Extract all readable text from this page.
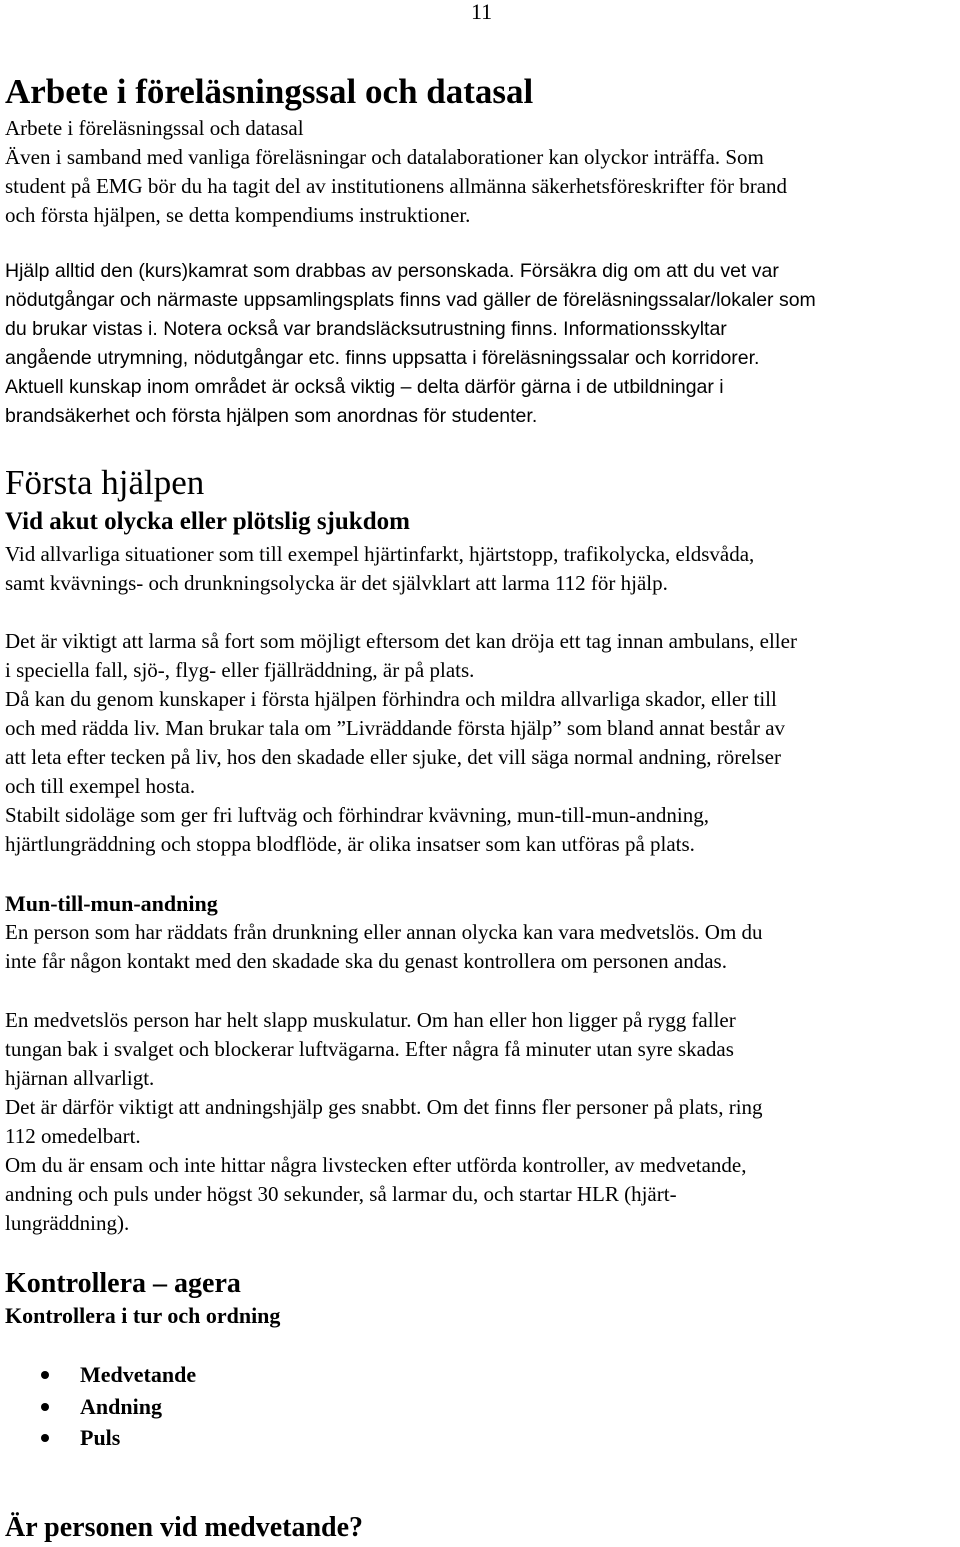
11
Arbete i föreläsningssal och datasal
Arbete i föreläsningssal och datasal
Även i samband med vanliga föreläsningar och datalaborationer kan olyckor inträffa. Som
student på EMG bör du ha tagit del av institutionens allmänna säkerhetsföreskrifter för brand
och första hjälpen, se detta kompendiums instruktioner.
Hjälp alltid den (kurs)kamrat som drabbas av personskada. Försäkra dig om att du vet var
nödutgångar och närmaste uppsamlingsplats finns vad gäller de föreläsningssalar/lokaler som
du brukar vistas i. Notera också var brandsläcksutrustning finns. Informationsskyltar
angående utrymning, nödutgångar etc. finns uppsatta i föreläsningssalar och korridorer.
Aktuell kunskap inom området är också viktig – delta därför gärna i de utbildningar i
brandsäkerhet och första hjälpen som anordnas för studenter.
Första hjälpen
Vid akut olycka eller plötslig sjukdom
Vid allvarliga situationer som till exempel hjärtinfarkt, hjärtstopp, trafikolycka, eldsvåda,
samt kvävnings- och drunkningsolycka är det självklart att larma 112 för hjälp.
Det är viktigt att larma så fort som möjligt eftersom det kan dröja ett tag innan ambulans, eller
i speciella fall, sjö-, flyg- eller fjällräddning, är på plats.
Då kan du genom kunskaper i första hjälpen förhindra och mildra allvarliga skador, eller till
och med rädda liv. Man brukar tala om ”Livräddande första hjälp” som bland annat består av
att leta efter tecken på liv, hos den skadade eller sjuke, det vill säga normal andning, rörelser
och till exempel hosta.
Stabilt sidoläge som ger fri luftväg och förhindrar kvävning, mun-till-mun-andning,
hjärtlungräddning och stoppa blodflöde, är olika insatser som kan utföras på plats.
Mun-till-mun-andning
En person som har räddats från drunkning eller annan olycka kan vara medvetslös. Om du
inte får någon kontakt med den skadade ska du genast kontrollera om personen andas.
En medvetslös person har helt slapp muskulatur. Om han eller hon ligger på rygg faller
tungan bak i svalget och blockerar luftvägarna. Efter några få minuter utan syre skadas
hjärnan allvarligt.
Det är därför viktigt att andningshjälp ges snabbt. Om det finns fler personer på plats, ring
112 omedelbart.
Om du är ensam och inte hittar några livstecken efter utförda kontroller, av medvetande,
andning och puls under högst 30 sekunder, så larmar du, och startar HLR (hjärt-
lungräddning).
Kontrollera – agera
Kontrollera i tur och ordning
Medvetande
Andning
Puls
Är personen vid medvetande?
